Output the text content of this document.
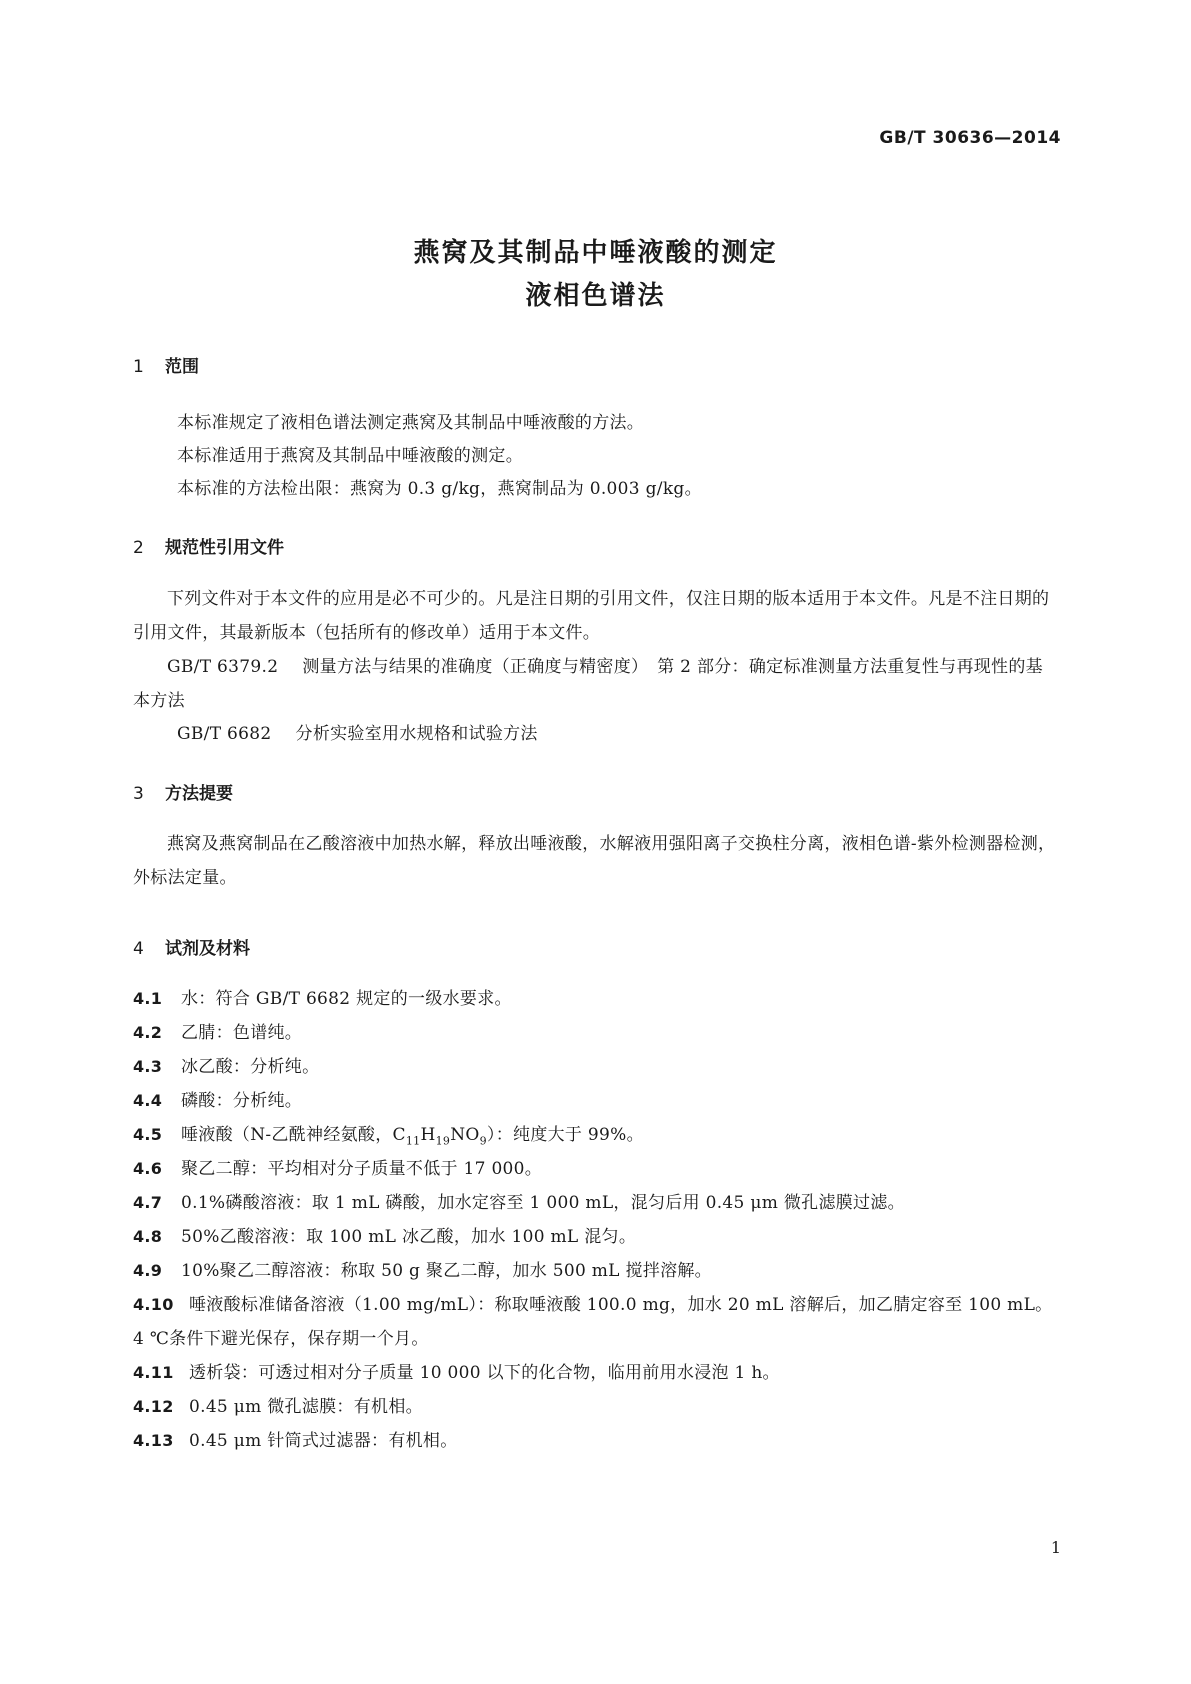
GB/T 30636—2014
燕窝及其制品中唾液酸的测定
液相色谱法
1 范围
本标准规定了液相色谱法测定燕窝及其制品中唾液酸的方法。
本标准适用于燕窝及其制品中唾液酸的测定。
本标准的方法检出限：燕窝为 0.3 g/kg，燕窝制品为 0.003 g/kg。
2 规范性引用文件
下列文件对于本文件的应用是必不可少的。凡是注日期的引用文件，仅注日期的版本适用于本文件。凡是不注日期的引用文件，其最新版本（包括所有的修改单）适用于本文件。
GB/T 6379.2 测量方法与结果的准确度（正确度与精密度）　第 2 部分：确定标准测量方法重复性与再现性的基本方法
GB/T 6682 分析实验室用水规格和试验方法
3 方法提要
燕窝及燕窝制品在乙酸溶液中加热水解，释放出唾液酸，水解液用强阳离子交换柱分离，液相色谱-紫外检测器检测，外标法定量。
4 试剂及材料
4.1 水：符合 GB/T 6682 规定的一级水要求。
4.2 乙腈：色谱纯。
4.3 冰乙酸：分析纯。
4.4 磷酸：分析纯。
4.5 唾液酸（N-乙酰神经氨酸，$C_{11}H_{19}NO_9$）：纯度大于 99%。
4.6 聚乙二醇：平均相对分子质量不低于 17 000。
4.7 0.1%磷酸溶液：取 1 mL 磷酸，加水定容至 1 000 mL，混匀后用 0.45 μm 微孔滤膜过滤。
4.8 50%乙酸溶液：取 100 mL 冰乙酸，加水 100 mL 混匀。
4.9 10%聚乙二醇溶液：称取 50 g 聚乙二醇，加水 500 mL 搅拌溶解。
4.10 唾液酸标准储备溶液（1.00 mg/mL）：称取唾液酸 100.0 mg，加水 20 mL 溶解后，加乙腈定容至 100 mL。4 ℃条件下避光保存，保存期一个月。
4.11 透析袋：可透过相对分子质量 10 000 以下的化合物，临用前用水浸泡 1 h。
4.12 0.45 μm 微孔滤膜：有机相。
4.13 0.45 μm 针筒式过滤器：有机相。
1
